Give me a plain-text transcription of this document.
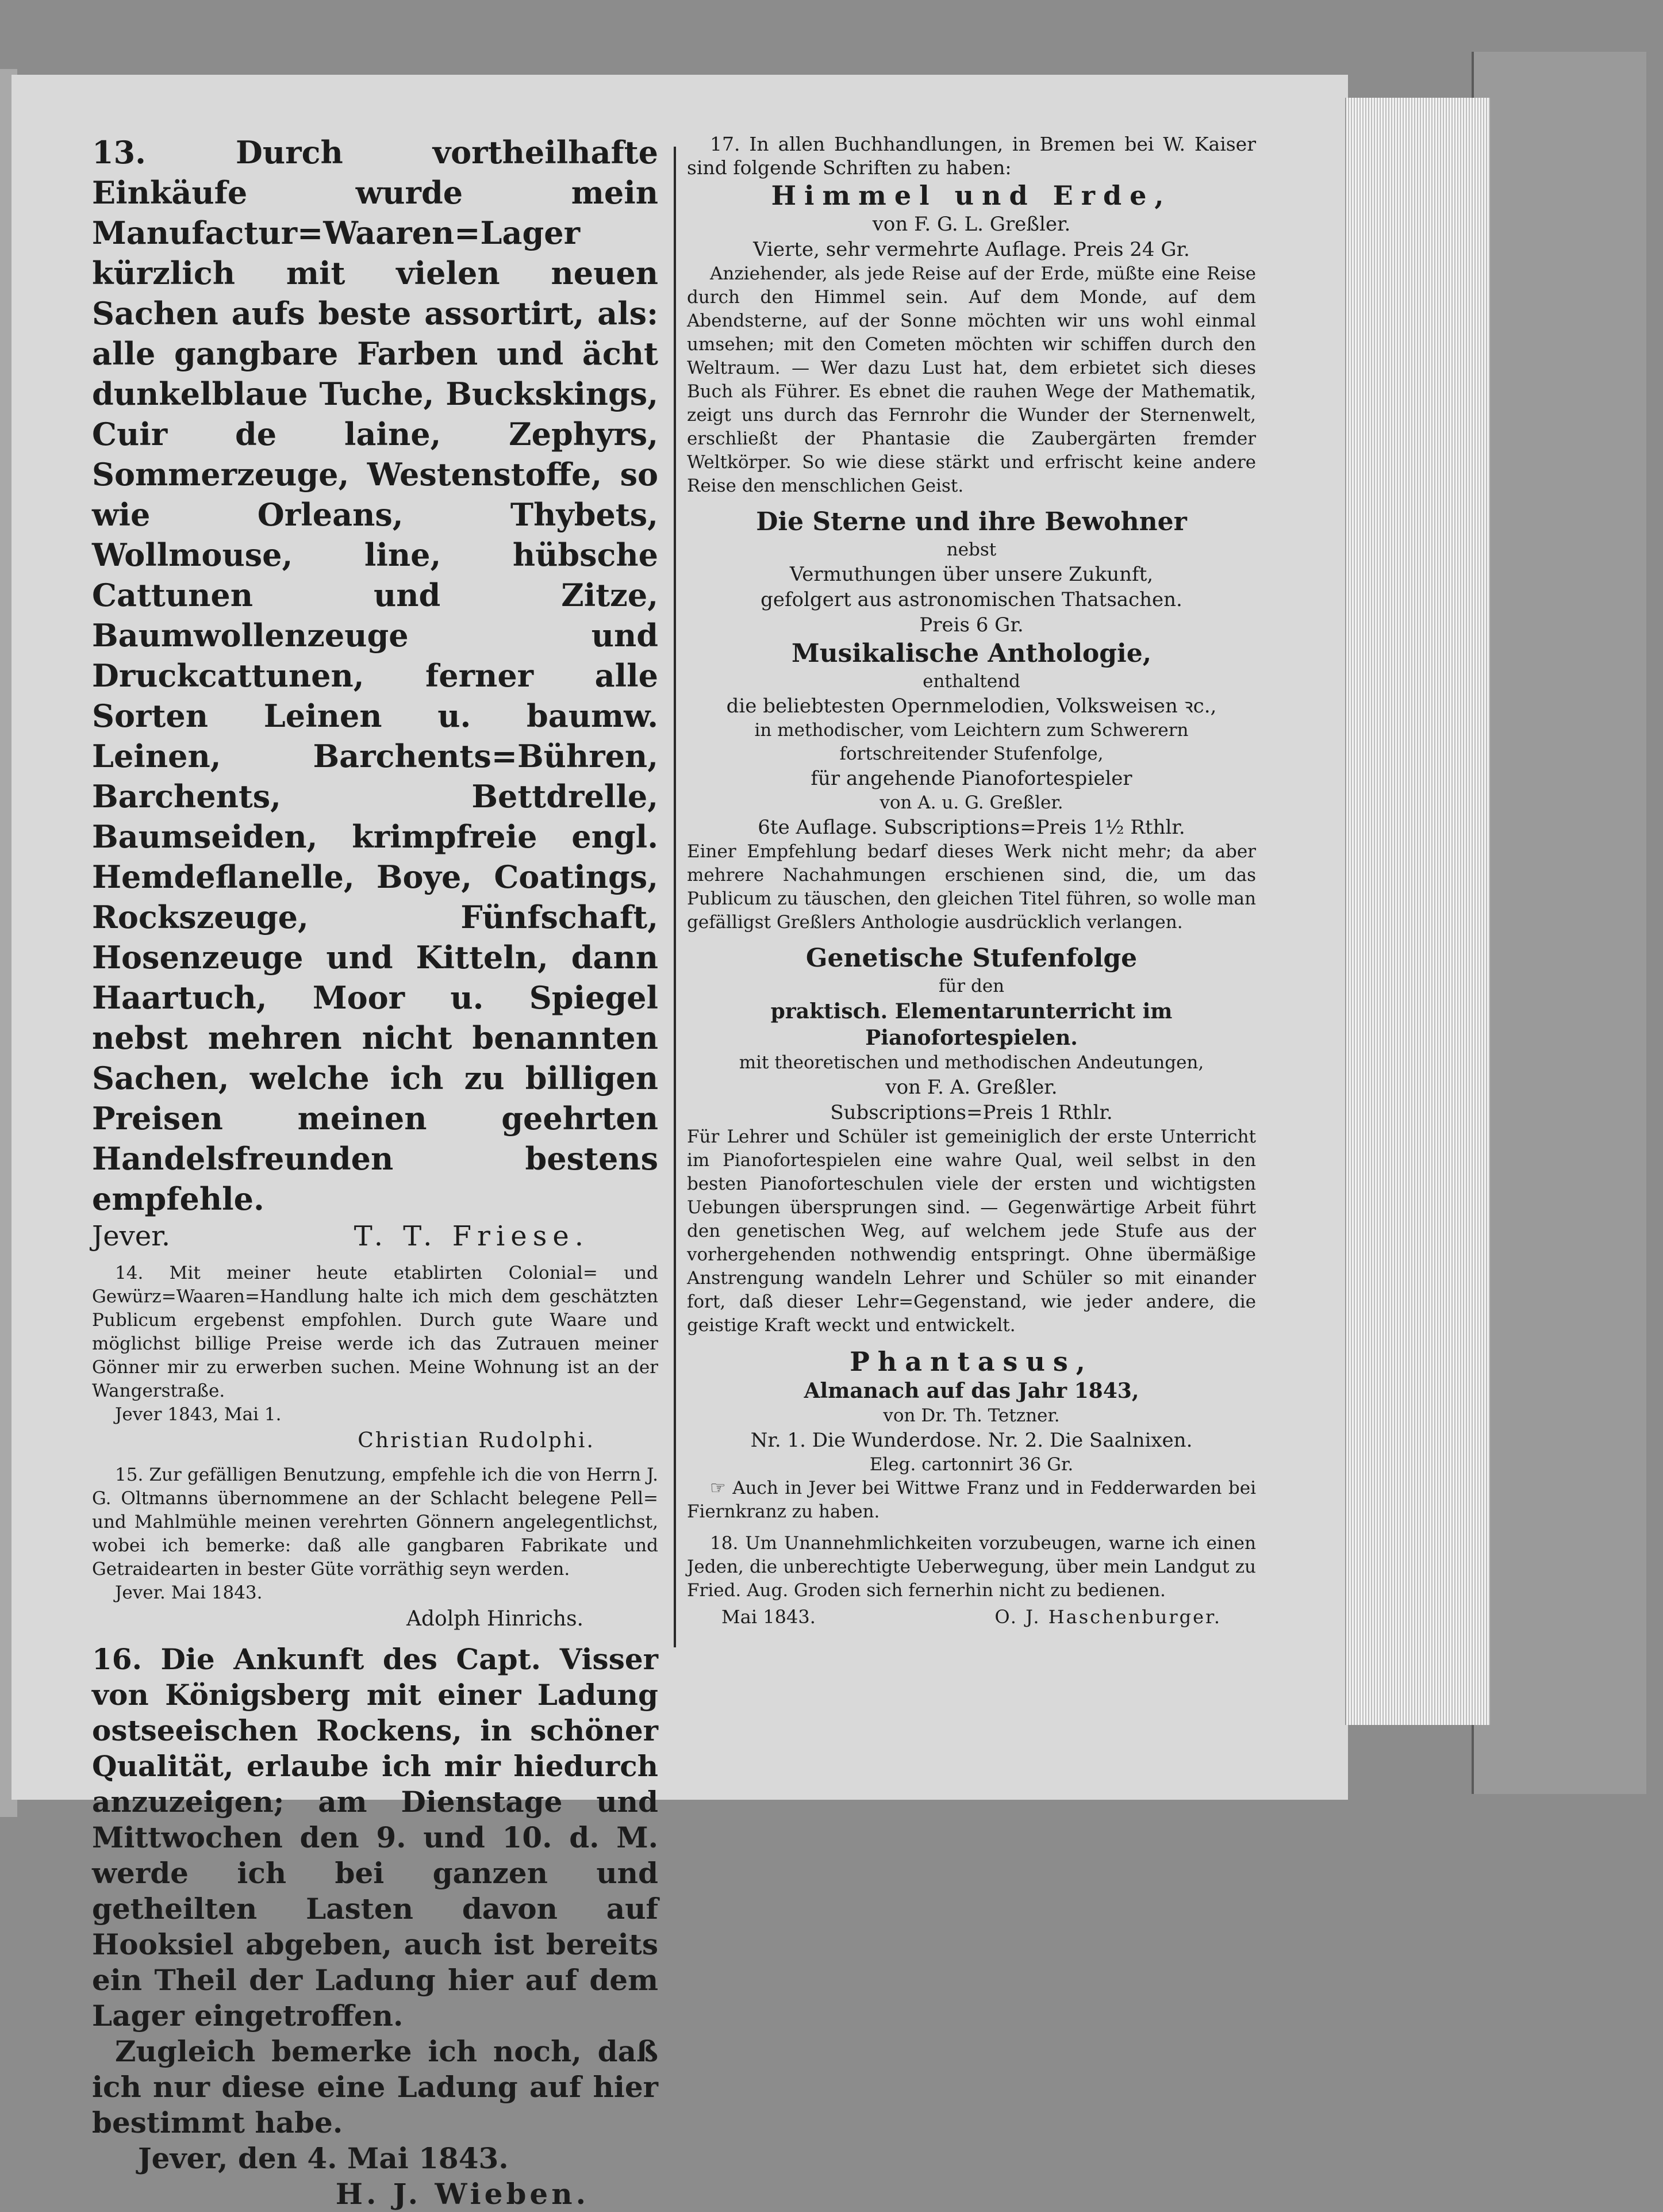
13. Durch vortheilhafte Einkäufe wurde mein Manufactur=Waaren=Lager kürzlich mit vielen neuen Sachen aufs beste assortirt, als: alle gangbare Farben und ächt dunkelblaue Tuche, Buckskings, Cuir de laine, Zephyrs, Sommerzeuge, Westenstoffe, so wie Orleans, Thybets, Wollmouse, line, hübsche Cattunen und Zitze, Baumwollenzeuge und Druckcattunen, ferner alle Sorten Leinen u. baumw. Leinen, Barchents=Bühren, Barchents, Bettdrelle, Baumseiden, krimpfreie engl. Hemdeflanelle, Boye, Coatings, Rockszeuge, Fünfschaft, Hosenzeuge und Kitteln, dann Haartuch, Moor u. Spiegel nebst mehren nicht benannten Sachen, welche ich zu billigen Preisen meinen geehrten Handelsfreunden bestens empfehle.
Jever.	T. T. Friese.
14. Mit meiner heute etablirten Colonial= und Gewürz=Waaren=Handlung halte ich mich dem geschätzten Publicum ergebenst empfohlen. Durch gute Waare und möglichst billige Preise werde ich das Zutrauen meiner Gönner mir zu erwerben suchen. Meine Wohnung ist an der Wangerstraße.
Jever 1843, Mai 1.
Christian Rudolphi.
15. Zur gefälligen Benutzung, empfehle ich die von Herrn J. G. Oltmanns übernommene an der Schlacht belegene Pell= und Mahlmühle meinen verehrten Gönnern angelegentlichst, wobei ich bemerke: daß alle gangbaren Fabrikate und Getraidearten in bester Güte vorräthig seyn werden.
Jever. Mai 1843.
Adolph Hinrichs.
16. Die Ankunft des Capt. Visser von Königsberg mit einer Ladung ostseeischen Rockens, in schöner Qualität, erlaube ich mir hiedurch anzuzeigen; am Dienstage und Mittwochen den 9. und 10. d. M. werde ich bei ganzen und getheilten Lasten davon auf Hooksiel abgeben, auch ist bereits ein Theil der Ladung hier auf dem Lager eingetroffen.
Zugleich bemerke ich noch, daß ich nur diese eine Ladung auf hier bestimmt habe.
Jever, den 4. Mai 1843.
H. J. Wieben.
17. In allen Buchhandlungen, in Bremen bei W. Kaiser sind folgende Schriften zu haben:
Himmel und Erde,
von F. G. L. Greßler.
Vierte, sehr vermehrte Auflage. Preis 24 Gr.
Anziehender, als jede Reise auf der Erde, müßte eine Reise durch den Himmel sein. Auf dem Monde, auf dem Abendsterne, auf der Sonne möchten wir uns wohl einmal umsehen; mit den Cometen möchten wir schiffen durch den Weltraum. — Wer dazu Lust hat, dem erbietet sich dieses Buch als Führer. Es ebnet die rauhen Wege der Mathematik, zeigt uns durch das Fernrohr die Wunder der Sternenwelt, erschließt der Phantasie die Zaubergärten fremder Weltkörper. So wie diese stärkt und erfrischt keine andere Reise den menschlichen Geist.
Die Sterne und ihre Bewohner
nebst
Vermuthungen über unsere Zukunft,
gefolgert aus astronomischen Thatsachen.
Preis 6 Gr.
Musikalische Anthologie,
enthaltend
die beliebtesten Opernmelodien, Volksweisen ꝛc.,
in methodischer, vom Leichtern zum Schwerern
fortschreitender Stufenfolge,
für angehende Pianofortespieler
von A. u. G. Greßler.
6te Auflage. Subscriptions=Preis 1½ Rthlr.
Einer Empfehlung bedarf dieses Werk nicht mehr; da aber mehrere Nachahmungen erschienen sind, die, um das Publicum zu täuschen, den gleichen Titel führen, so wolle man gefälligst Greßlers Anthologie ausdrücklich verlangen.
Genetische Stufenfolge
für den
praktisch. Elementarunterricht im Pianofortespielen.
mit theoretischen und methodischen Andeutungen,
von F. A. Greßler.
Subscriptions=Preis 1 Rthlr.
Für Lehrer und Schüler ist gemeiniglich der erste Unterricht im Pianofortespielen eine wahre Qual, weil selbst in den besten Pianoforteschulen viele der ersten und wichtigsten Uebungen übersprungen sind. — Gegenwärtige Arbeit führt den genetischen Weg, auf welchem jede Stufe aus der vorhergehenden nothwendig entspringt. Ohne übermäßige Anstrengung wandeln Lehrer und Schüler so mit einander fort, daß dieser Lehr=Gegenstand, wie jeder andere, die geistige Kraft weckt und entwickelt.
Phantasus,
Almanach auf das Jahr 1843,
von Dr. Th. Tetzner.
Nr. 1. Die Wunderdose. Nr. 2. Die Saalnixen.
Eleg. cartonnirt 36 Gr.
☞ Auch in Jever bei Wittwe Franz und in Fedderwarden bei Fiernkranz zu haben.
18. Um Unannehmlichkeiten vorzubeugen, warne ich einen Jeden, die unberechtigte Ueberwegung, über mein Landgut zu Fried. Aug. Groden sich fernerhin nicht zu bedienen.
Mai 1843.	O. J. Haschenburger.
